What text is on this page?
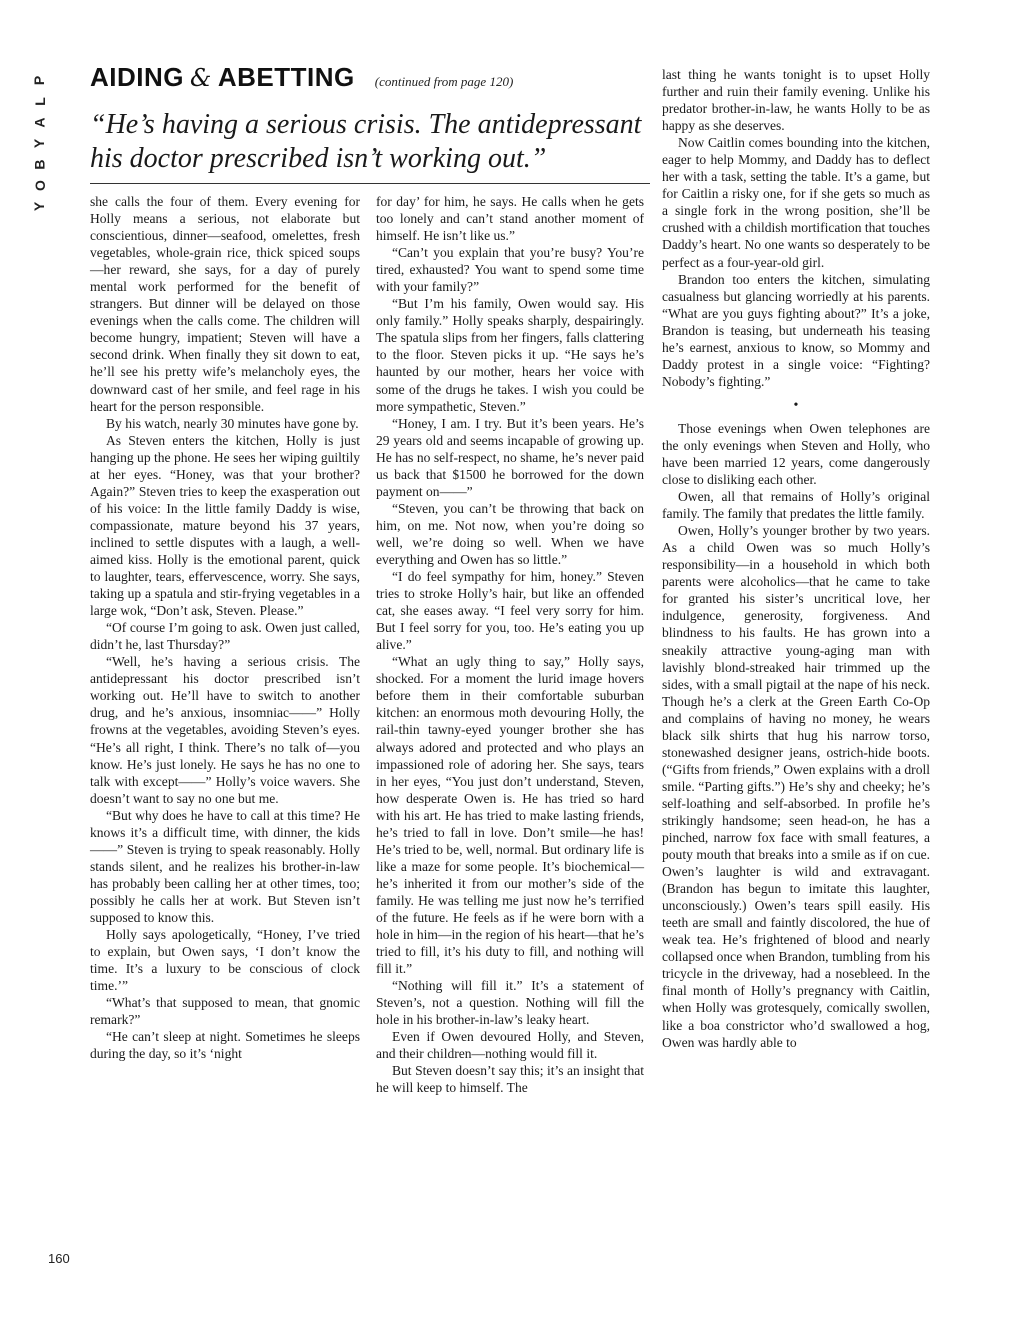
P
L
A
Y
B
O
Y
AIDING & ABETTING (continued from page 120)
“He’s having a serious crisis. The antidepressant his doctor prescribed isn’t working out.”

she calls the four of them. Every evening for Holly means a serious, not elaborate but conscientious, dinner—seafood, omelettes, fresh vegetables, whole-grain rice, thick spiced soups—her reward, she says, for a day of purely mental work performed for the benefit of strangers. But dinner will be delayed on those evenings when the calls come. The children will become hungry, impatient; Steven will have a second drink. When finally they sit down to eat, he’ll see his pretty wife’s melancholy eyes, the downward cast of her smile, and feel rage in his heart for the person responsible.

By his watch, nearly 30 minutes have gone by.

As Steven enters the kitchen, Holly is just hanging up the phone. He sees her wiping guiltily at her eyes. “Honey, was that your brother? Again?” Steven tries to keep the exasperation out of his voice: In the little family Daddy is wise, compassionate, mature beyond his 37 years, inclined to settle disputes with a laugh, a well-aimed kiss. Holly is the emotional parent, quick to laughter, tears, effervescence, worry. She says, taking up a spatula and stir-frying vegetables in a large wok, “Don’t ask, Steven. Please.”

“Of course I’m going to ask. Owen just called, didn’t he, last Thursday?”

“Well, he’s having a serious crisis. The antidepressant his doctor prescribed isn’t working out. He’ll have to switch to another drug, and he’s anxious, insomniac——” Holly frowns at the vegetables, avoiding Steven’s eyes. “He’s all right, I think. There’s no talk of—you know. He’s just lonely. He says he has no one to talk with except——” Holly’s voice wavers. She doesn’t want to say no one but me.

“But why does he have to call at this time? He knows it’s a difficult time, with dinner, the kids——” Steven is trying to speak reasonably. Holly stands silent, and he realizes his brother-in-law has probably been calling her at other times, too; possibly he calls her at work. But Steven isn’t supposed to know this.

Holly says apologetically, “Honey, I’ve tried to explain, but Owen says, ‘I don’t know the time. It’s a luxury to be conscious of clock time.’”

“What’s that supposed to mean, that gnomic remark?”

“He can’t sleep at night. Sometimes he sleeps during the day, so it’s ‘night

for day’ for him, he says. He calls when he gets too lonely and can’t stand another moment of himself. He isn’t like us.”

“Can’t you explain that you’re busy? You’re tired, exhausted? You want to spend some time with your family?”

“But I’m his family, Owen would say. His only family.” Holly speaks sharply, despairingly. The spatula slips from her fingers, falls clattering to the floor. Steven picks it up. “He says he’s haunted by our mother, hears her voice with some of the drugs he takes. I wish you could be more sympathetic, Steven.”

“Honey, I am. I try. But it’s been years. He’s 29 years old and seems incapable of growing up. He has no self-respect, no shame, he’s never paid us back that $1500 he borrowed for the down payment on——”

“Steven, you can’t be throwing that back on him, on me. Not now, when you’re doing so well, we’re doing so well. When we have everything and Owen has so little.”

“I do feel sympathy for him, honey.” Steven tries to stroke Holly’s hair, but like an offended cat, she eases away. “I feel very sorry for him. But I feel sorry for you, too. He’s eating you up alive.”

“What an ugly thing to say,” Holly says, shocked. For a moment the lurid image hovers before them in their comfortable suburban kitchen: an enormous moth devouring Holly, the rail-thin tawny-eyed younger brother she has always adored and protected and who plays an impassioned role of adoring her. She says, tears in her eyes, “You just don’t understand, Steven, how desperate Owen is. He has tried so hard with his art. He has tried to make lasting friends, he’s tried to fall in love. Don’t smile—he has! He’s tried to be, well, normal. But ordinary life is like a maze for some people. It’s biochemical—he’s inherited it from our mother’s side of the family. He was telling me just now he’s terrified of the future. He feels as if he were born with a hole in him—in the region of his heart—that he’s tried to fill, it’s his duty to fill, and nothing will fill it.”

“Nothing will fill it.” It’s a statement of Steven’s, not a question. Nothing will fill the hole in his brother-in-law’s leaky heart.

Even if Owen devoured Holly, and Steven, and their children—nothing would fill it.

But Steven doesn’t say this; it’s an insight that he will keep to himself. The

last thing he wants tonight is to upset Holly further and ruin their family evening. Unlike his predator brother-in-law, he wants Holly to be as happy as she deserves.

Now Caitlin comes bounding into the kitchen, eager to help Mommy, and Daddy has to deflect her with a task, setting the table. It’s a game, but for Caitlin a risky one, for if she gets so much as a single fork in the wrong position, she’ll be crushed with a childish mortification that touches Daddy’s heart. No one wants so desperately to be perfect as a four-year-old girl.

Brandon too enters the kitchen, simulating casualness but glancing worriedly at his parents. “What are you guys fighting about?” It’s a joke, Brandon is teasing, but underneath his teasing he’s earnest, anxious to know, so Mommy and Daddy protest in a single voice: “Fighting? Nobody’s fighting.”

•

Those evenings when Owen telephones are the only evenings when Steven and Holly, who have been married 12 years, come dangerously close to disliking each other.

Owen, all that remains of Holly’s original family. The family that predates the little family.

Owen, Holly’s younger brother by two years. As a child Owen was so much Holly’s responsibility—in a household in which both parents were alcoholics—that he came to take for granted his sister’s uncritical love, her indulgence, generosity, forgiveness. And blindness to his faults. He has grown into a sneakily attractive young-aging man with lavishly blond-streaked hair trimmed up the sides, with a small pigtail at the nape of his neck. Though he’s a clerk at the Green Earth Co-Op and complains of having no money, he wears black silk shirts that hug his narrow torso, stonewashed designer jeans, ostrich-hide boots. (“Gifts from friends,” Owen explains with a droll smile. “Parting gifts.”) He’s shy and cheeky; he’s self-loathing and self-absorbed. In profile he’s strikingly handsome; seen head-on, he has a pinched, narrow fox face with small features, a pouty mouth that breaks into a smile as if on cue. Owen’s laughter is wild and extravagant. (Brandon has begun to imitate this laughter, unconsciously.) Owen’s tears spill easily. His teeth are small and faintly discolored, the hue of weak tea. He’s frightened of blood and nearly collapsed once when Brandon, tumbling from his tricycle in the driveway, had a nosebleed. In the final month of Holly’s pregnancy with Caitlin, when Holly was grotesquely, comically swollen, like a boa constrictor who’d swallowed a hog, Owen was hardly able to

160
